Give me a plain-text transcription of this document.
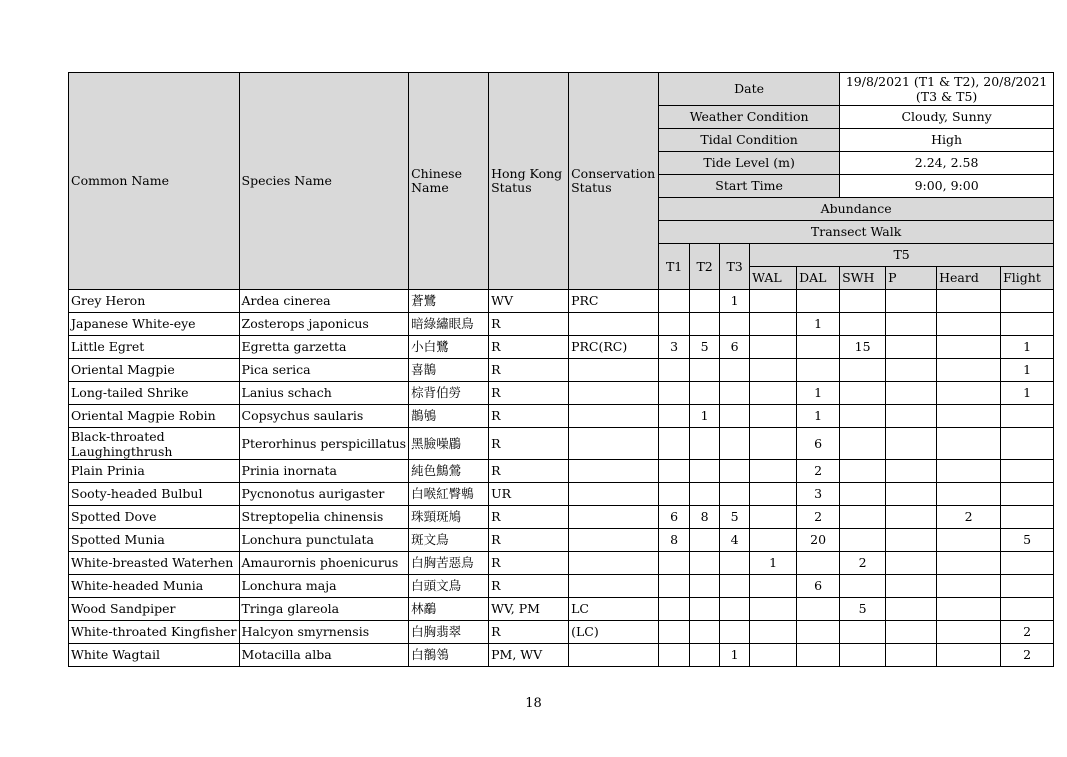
Common Name	Species Name	Chinese Name	Hong Kong Status	Conservation Status	Date					19/8/2021 (T1 & T2), 20/8/2021 (T3 & T5)			
					Weather Condition					Cloudy, Sunny			
					Tidal Condition					High			
					Tide Level (m)					2.24, 2.58			
					Start Time					9:00, 9:00			
					Abundance								
					Transect Walk								
					T1	T2	T3	T5					
								WAL	DAL	SWH	P	Heard	Flight
Grey Heron	Ardea cinerea	蒼鷺	WV	PRC			1						
Japanese White-eye	Zosterops japonicus	暗綠繡眼鳥	R						1				
Little Egret	Egretta garzetta	小白鷺	R	PRC(RC)	3	5	6			15			1
Oriental Magpie	Pica serica	喜鵲	R										1
Long-tailed Shrike	Lanius schach	棕背伯勞	R						1				1
Oriental Magpie Robin	Copsychus saularis	鵲鴝	R			1			1				
Black-throated Laughingthrush	Pterorhinus perspicillatus	黑臉噪鶥	R						6				
Plain Prinia	Prinia inornata	純色鷦鶯	R						2				
Sooty-headed Bulbul	Pycnonotus aurigaster	白喉紅臀鵯	UR						3				
Spotted Dove	Streptopelia chinensis	珠頸斑鳩	R		6	8	5		2			2	
Spotted Munia	Lonchura punctulata	斑文鳥	R		8		4		20				5
White-breasted Waterhen	Amaurornis phoenicurus	白胸苦惡鳥	R					1		2			
White-headed Munia	Lonchura maja	白頭文鳥	R						6				
Wood Sandpiper	Tringa glareola	林鷸	WV, PM	LC						5			
White-throated Kingfisher	Halcyon smyrnensis	白胸翡翠	R	(LC)									2
White Wagtail	Motacilla alba	白鶺鴒	PM, WV				1						2
18
